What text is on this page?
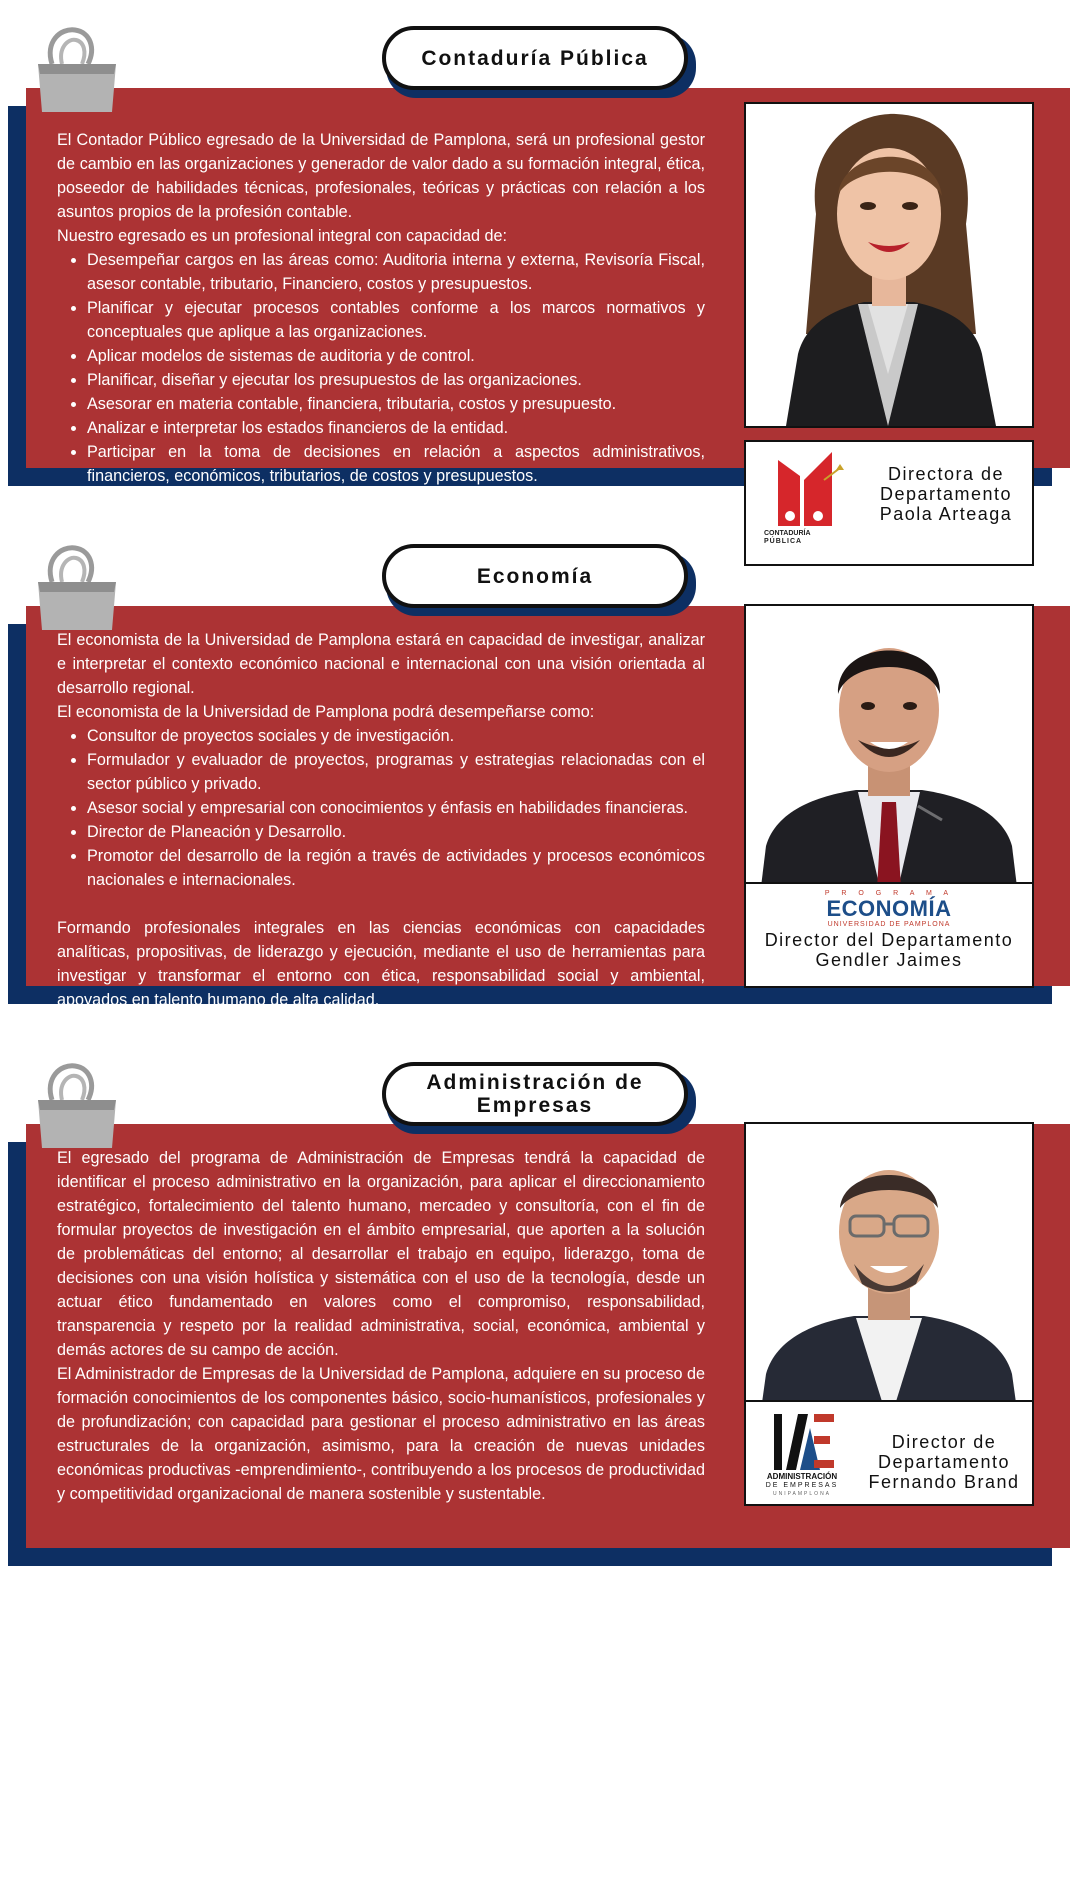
Contaduría Pública

El Contador Público egresado de la Universidad de Pamplona, será un profesional gestor de cambio en las organizaciones y generador de valor dado a su formación integral, ética, poseedor de habilidades técnicas, profesionales, teóricas y prácticas con relación a los asuntos propios de la profesión contable.

Nuestro egresado es un profesional integral con capacidad de:

• Desempeñar cargos en las áreas como: Auditoria interna y externa, Revisoría Fiscal, asesor contable, tributario, Financiero, costos y presupuestos.
• Planificar y ejecutar procesos contables conforme a los marcos normativos y conceptuales que aplique a las organizaciones.
• Aplicar modelos de sistemas de auditoria y de control.
• Planificar, diseñar y ejecutar los presupuestos de las organizaciones.
• Asesorar en materia contable, financiera, tributaria, costos y presupuesto.
• Analizar e interpretar los estados financieros de la entidad.
• Participar en la toma de decisiones en relación a aspectos administrativos, financieros, económicos, tributarios, de costos y presupuestos.
• Promover el desarrollo social y el de la profesión.
• Actuar de conformidad con valores éticos en el desarrollo de sus actividades.
CONTADURÍA
PÚBLICA
Directora de Departamento Paola Arteaga
Economía

El economista de la Universidad de Pamplona estará en capacidad de investigar, analizar e interpretar el contexto económico nacional e internacional con una visión orientada al desarrollo regional.

El economista de la Universidad de Pamplona podrá desempeñarse como:

• Consultor de proyectos sociales y de investigación.
• Formulador y evaluador de proyectos, programas y estrategias relacionadas con el sector público y privado.
• Asesor social y empresarial con conocimientos y énfasis en habilidades financieras.
• Director de Planeación y Desarrollo.
• Promotor del desarrollo de la región a través de actividades y procesos económicos nacionales e internacionales.

Formando profesionales integrales en las ciencias económicas con capacidades analíticas, propositivas, de liderazgo y ejecución, mediante el uso de herramientas para investigar y transformar el entorno con ética, responsabilidad social y ambiental, apoyados en talento humano de alta calidad.

P R O G R A M A
ECONOMÍA
UNIVERSIDAD DE PAMPLONA
Director del Departamento Gendler Jaimes
Administración de Empresas

El egresado del programa de Administración de Empresas tendrá la capacidad de identificar el proceso administrativo en la organización, para aplicar el direccionamiento estratégico, fortalecimiento del talento humano, mercadeo y consultoría, con el fin de formular proyectos de investigación en el ámbito empresarial, que aporten a la solución de problemáticas del entorno; al desarrollar el trabajo en equipo, liderazgo, toma de decisiones con una visión holística y sistemática con el uso de la tecnología, desde un actuar ético fundamentado en valores como el compromiso, responsabilidad, transparencia y respeto por la realidad administrativa, social, económica, ambiental y demás actores de su campo de acción.

El Administrador de Empresas de la Universidad de Pamplona, adquiere en su proceso de formación conocimientos de los componentes básico, socio-humanísticos, profesionales y de profundización; con capacidad para gestionar el proceso administrativo en las áreas estructurales de la organización, asimismo, para la creación de nuevas unidades económicas productivas -emprendimiento-, contribuyendo a los procesos de productividad y competitividad organizacional de manera sostenible y sustentable.

ADMINISTRACIÓN
DE EMPRESAS
UNIPAMPLONA
Director de Departamento Fernando Brand
